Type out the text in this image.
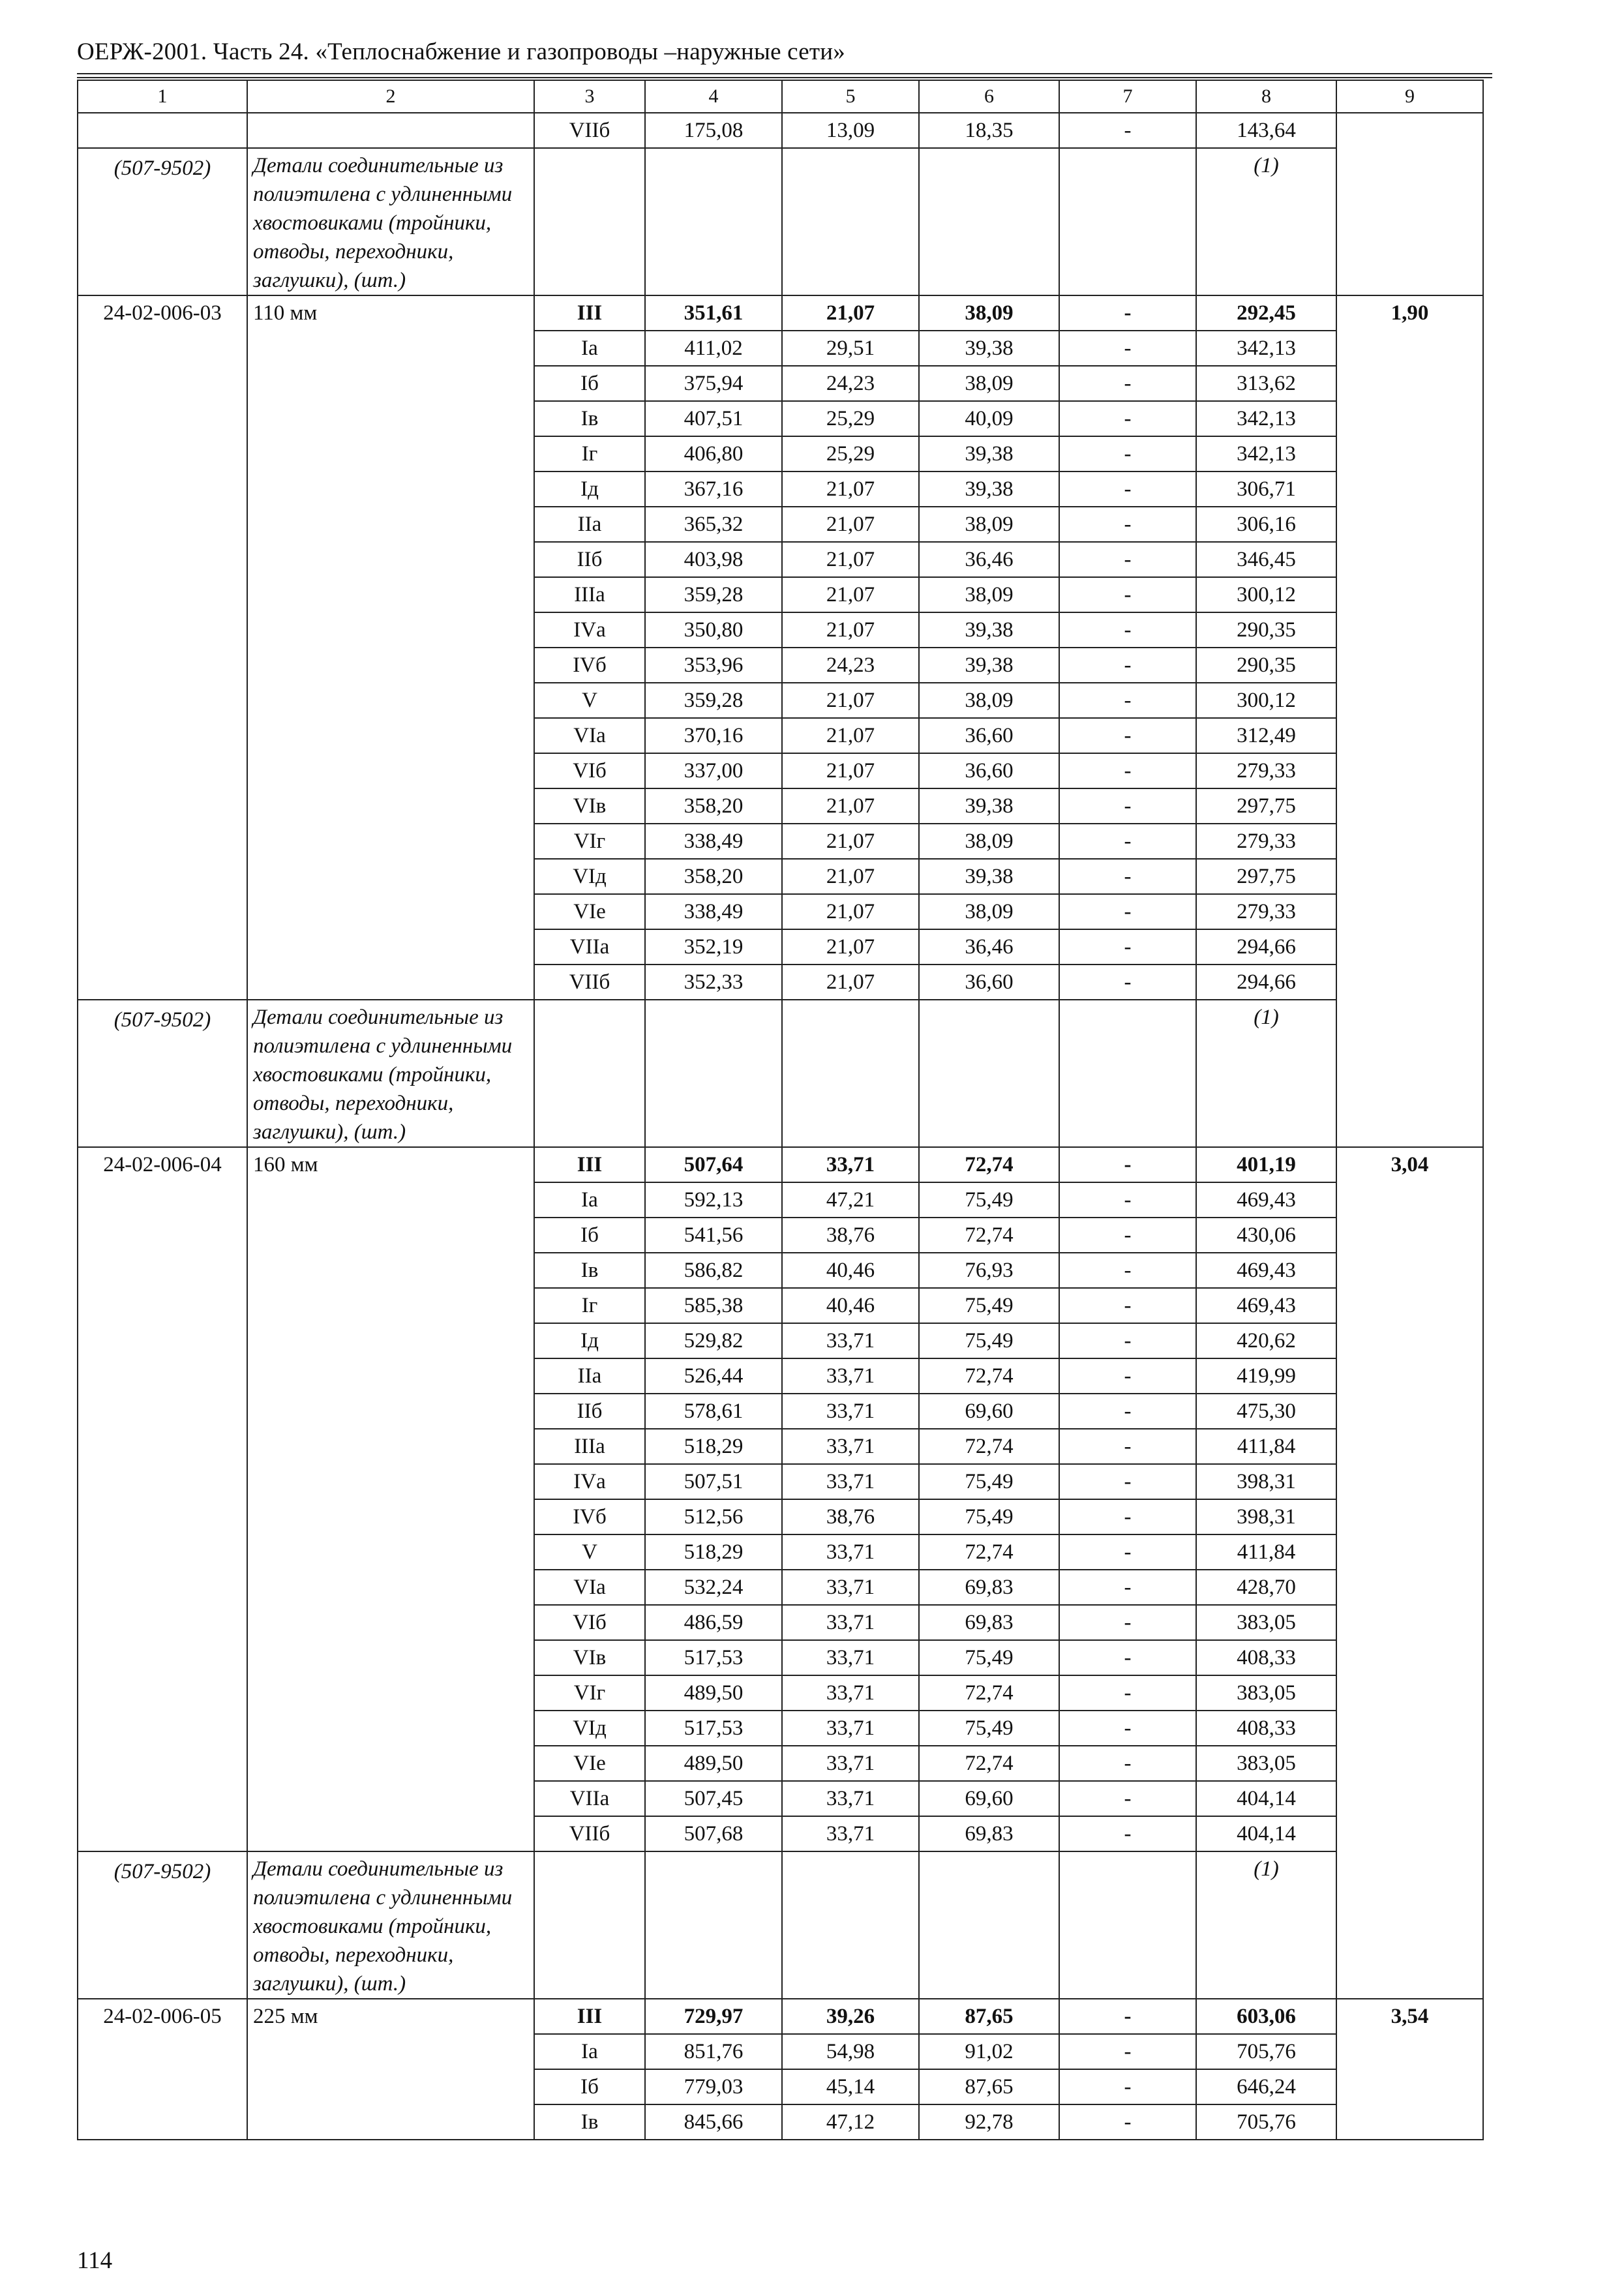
ОЕРЖ-2001. Часть 24. «Теплоснабжение и газопроводы –наружные сети»
1	2	3	4	5	6	7	8	9
		VIIб	175,08	13,09	18,35	-	143,64	
(507-9502)	Детали соединительные из полиэтилена с удлиненными хвостовиками (тройники, отводы, переходники, заглушки), (шт.)						(1)	
24-02-006-03	110 мм	III	351,61	21,07	38,09	-	292,45	1,90
		Iа	411,02	29,51	39,38	-	342,13	
		Iб	375,94	24,23	38,09	-	313,62	
		Iв	407,51	25,29	40,09	-	342,13	
		Iг	406,80	25,29	39,38	-	342,13	
		Iд	367,16	21,07	39,38	-	306,71	
		IIа	365,32	21,07	38,09	-	306,16	
		IIб	403,98	21,07	36,46	-	346,45	
		IIIа	359,28	21,07	38,09	-	300,12	
		IVа	350,80	21,07	39,38	-	290,35	
		IVб	353,96	24,23	39,38	-	290,35	
		V	359,28	21,07	38,09	-	300,12	
		VIа	370,16	21,07	36,60	-	312,49	
		VIб	337,00	21,07	36,60	-	279,33	
		VIв	358,20	21,07	39,38	-	297,75	
		VIг	338,49	21,07	38,09	-	279,33	
		VIд	358,20	21,07	39,38	-	297,75	
		VIе	338,49	21,07	38,09	-	279,33	
		VIIа	352,19	21,07	36,46	-	294,66	
		VIIб	352,33	21,07	36,60	-	294,66	
(507-9502)	Детали соединительные из полиэтилена с удлиненными хвостовиками (тройники, отводы, переходники, заглушки), (шт.)						(1)	
24-02-006-04	160 мм	III	507,64	33,71	72,74	-	401,19	3,04
		Iа	592,13	47,21	75,49	-	469,43	
		Iб	541,56	38,76	72,74	-	430,06	
		Iв	586,82	40,46	76,93	-	469,43	
		Iг	585,38	40,46	75,49	-	469,43	
		Iд	529,82	33,71	75,49	-	420,62	
		IIа	526,44	33,71	72,74	-	419,99	
		IIб	578,61	33,71	69,60	-	475,30	
		IIIа	518,29	33,71	72,74	-	411,84	
		IVа	507,51	33,71	75,49	-	398,31	
		IVб	512,56	38,76	75,49	-	398,31	
		V	518,29	33,71	72,74	-	411,84	
		VIа	532,24	33,71	69,83	-	428,70	
		VIб	486,59	33,71	69,83	-	383,05	
		VIв	517,53	33,71	75,49	-	408,33	
		VIг	489,50	33,71	72,74	-	383,05	
		VIд	517,53	33,71	75,49	-	408,33	
		VIе	489,50	33,71	72,74	-	383,05	
		VIIа	507,45	33,71	69,60	-	404,14	
		VIIб	507,68	33,71	69,83	-	404,14	
(507-9502)	Детали соединительные из полиэтилена с удлиненными хвостовиками (тройники, отводы, переходники, заглушки), (шт.)						(1)	
24-02-006-05	225 мм	III	729,97	39,26	87,65	-	603,06	3,54
		Iа	851,76	54,98	91,02	-	705,76	
		Iб	779,03	45,14	87,65	-	646,24	
		Iв	845,66	47,12	92,78	-	705,76	
114
